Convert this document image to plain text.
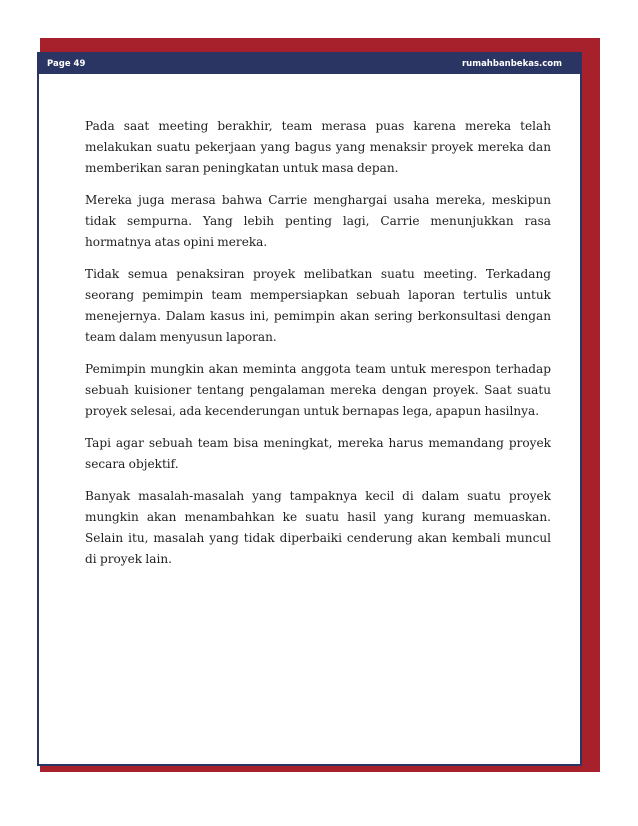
Page 49	rumahbanbekas.com

Pada saat meeting berakhir, team merasa puas karena mereka telah melakukan suatu pekerjaan yang bagus yang menaksir proyek mereka dan memberikan saran peningkatan untuk masa depan.

Mereka juga merasa bahwa Carrie menghargai usaha mereka, meskipun tidak sempurna. Yang lebih penting lagi, Carrie menunjukkan rasa hormatnya atas opini mereka.

Tidak semua penaksiran proyek melibatkan suatu meeting. Terkadang seorang pemimpin team mempersiapkan sebuah laporan tertulis untuk menejernya. Dalam kasus ini, pemimpin akan sering berkonsultasi dengan team dalam menyusun laporan.

Pemimpin mungkin akan meminta anggota team untuk merespon terhadap sebuah kuisioner tentang pengalaman mereka dengan proyek. Saat suatu proyek selesai, ada kecenderungan untuk bernapas lega, apapun hasilnya.

Tapi agar sebuah team bisa meningkat, mereka harus memandang proyek secara objektif.

Banyak masalah-masalah yang tampaknya kecil di dalam suatu proyek mungkin akan menambahkan ke suatu hasil yang kurang memuaskan. Selain itu, masalah yang tidak diperbaiki cenderung akan kembali muncul di proyek lain.
